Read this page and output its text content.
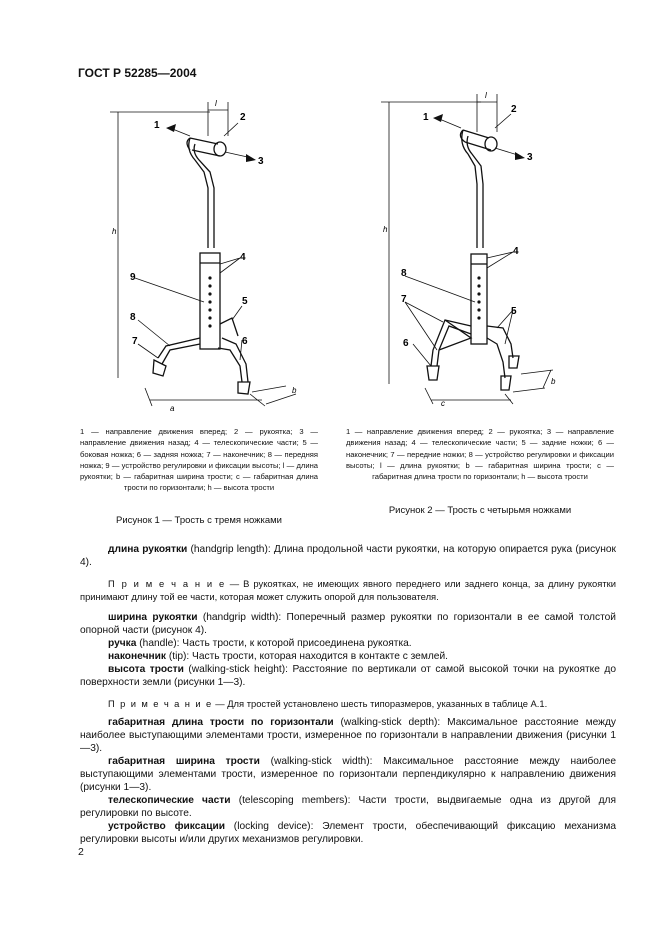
ГОСТ Р 52285—2004
1
2
3
4
5
6
7
8
9
h
l
a
b
1
2
3
4
5
6
7
8
h
l
c
b
1 — направление движения вперед; 2 — рукоятка; 3 — направление движения назад; 4 — телескопические части; 5 — боковая ножка; 6 — задняя ножка; 7 — наконечник; 8 — передняя ножка; 9 — устройство регулировки и фиксации высоты; l — длина рукоятки; b — габаритная ширина трости; c — габаритная длина трости по горизонтали; h — высота трости
1 — направление движения вперед; 2 — рукоятка; 3 — направление движения назад; 4 — телескопические части; 5 — задние ножки; 6 — наконечник; 7 — передние ножки; 8 — устройство регулировки и фиксации высоты; l — длина рукоятки; b — габаритная ширина трости; c — габаритная длина трости по горизонтали; h — высота трости
Рисунок 1 — Трость с тремя ножками
Рисунок 2 — Трость с четырьмя ножками

длина рукоятки (handgrip length): Длина продольной части рукоятки, на которую опирается рука (рисунок 4).

П р и м е ч а н и е — В рукоятках, не имеющих явного переднего или заднего конца, за длину рукоятки принимают длину той ее части, которая может служить опорой для пользователя.

ширина рукоятки (handgrip width): Поперечный размер рукоятки по горизонтали в ее самой толстой опорной части (рисунок 4).

ручка (handle): Часть трости, к которой присоединена рукоятка.

наконечник (tip): Часть трости, которая находится в контакте с землей.

высота трости (walking-stick height): Расстояние по вертикали от самой высокой точки на рукоятке до поверхности земли (рисунки 1—3).

П р и м е ч а н и е — Для тростей установлено шесть типоразмеров, указанных в таблице А.1.

габаритная длина трости по горизонтали (walking-stick depth): Максимальное расстояние между наиболее выступающими элементами трости, измеренное по горизонтали в направлении движения (рисунки 1—3).

габаритная ширина трости (walking-stick width): Максимальное расстояние между наиболее выступающими элементами трости, измеренное по горизонтали перпендикулярно к направлению движения (рисунки 1—3).

телескопические части (telescoping members): Части трости, выдвигаемые одна из другой для регулировки по высоте.

устройство фиксации (locking device): Элемент трости, обеспечивающий фиксацию механизма регулировки высоты и/или других механизмов регулировки.

2
